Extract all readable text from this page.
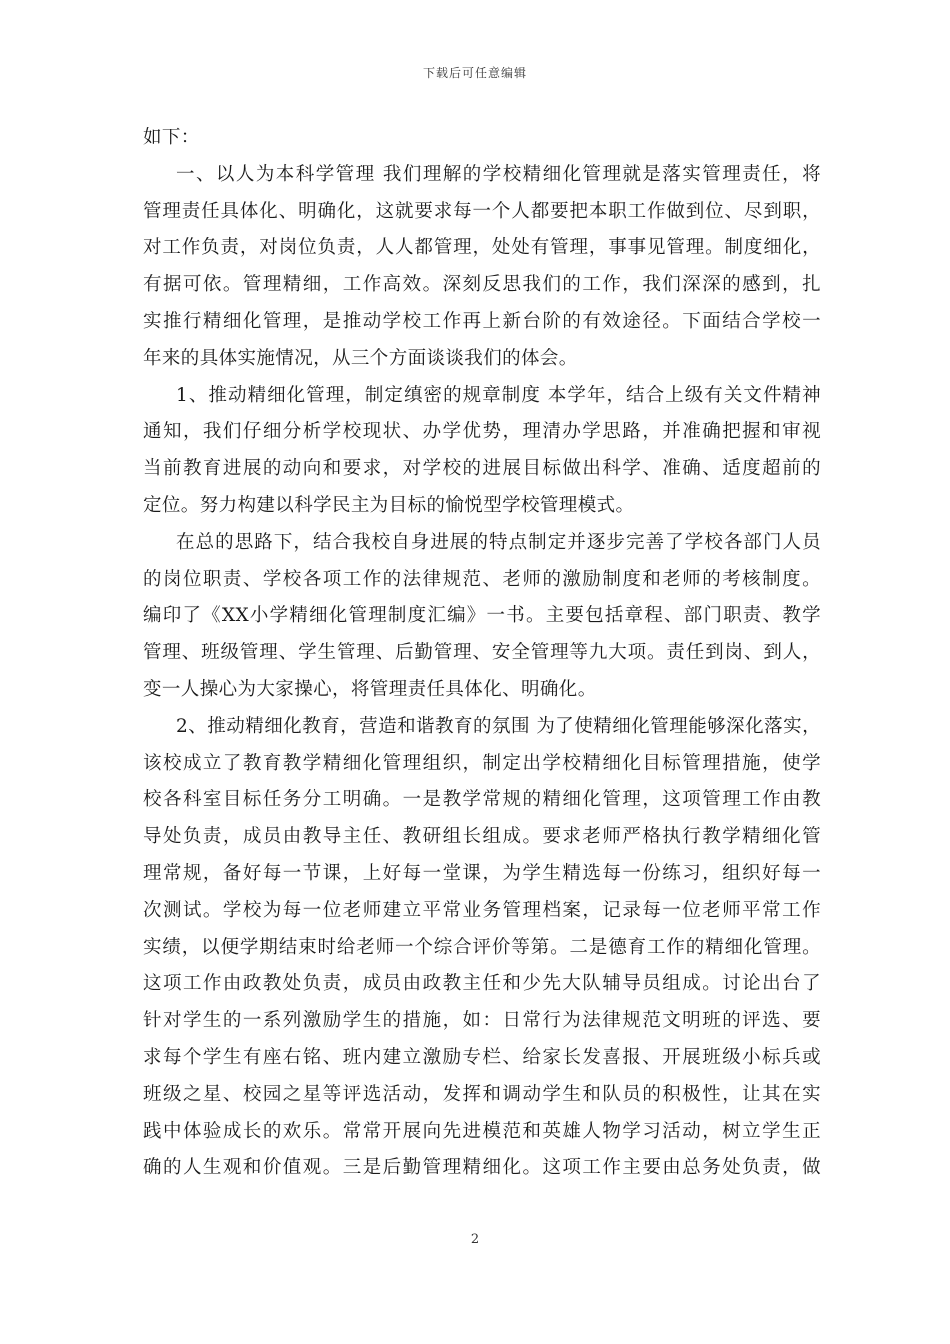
下载后可任意编辑
如下：
一、以人为本科学管理 我们理解的学校精细化管理就是落实管理责任，将
管理责任具体化、明确化，这就要求每一个人都要把本职工作做到位、尽到职，
对工作负责，对岗位负责，人人都管理，处处有管理，事事见管理。制度细化，
有据可依。管理精细，工作高效。深刻反思我们的工作，我们深深的感到，扎
实推行精细化管理，是推动学校工作再上新台阶的有效途径。下面结合学校一
年来的具体实施情况，从三个方面谈谈我们的体会。
1、推动精细化管理，制定缜密的规章制度 本学年，结合上级有关文件精神
通知，我们仔细分析学校现状、办学优势，理清办学思路，并准确把握和审视
当前教育进展的动向和要求，对学校的进展目标做出科学、准确、适度超前的
定位。努力构建以科学民主为目标的愉悦型学校管理模式。
在总的思路下，结合我校自身进展的特点制定并逐步完善了学校各部门人员
的岗位职责、学校各项工作的法律规范、老师的激励制度和老师的考核制度。
编印了《XX小学精细化管理制度汇编》一书。主要包括章程、部门职责、教学
管理、班级管理、学生管理、后勤管理、安全管理等九大项。责任到岗、到人，
变一人操心为大家操心，将管理责任具体化、明确化。
2、推动精细化教育，营造和谐教育的氛围 为了使精细化管理能够深化落实，
该校成立了教育教学精细化管理组织，制定出学校精细化目标管理措施，使学
校各科室目标任务分工明确。一是教学常规的精细化管理，这项管理工作由教
导处负责，成员由教导主任、教研组长组成。要求老师严格执行教学精细化管
理常规，备好每一节课，上好每一堂课，为学生精选每一份练习，组织好每一
次测试。学校为每一位老师建立平常业务管理档案，记录每一位老师平常工作
实绩，以便学期结束时给老师一个综合评价等第。二是德育工作的精细化管理。
这项工作由政教处负责，成员由政教主任和少先大队辅导员组成。讨论出台了
针对学生的一系列激励学生的措施，如：日常行为法律规范文明班的评选、要
求每个学生有座右铭、班内建立激励专栏、给家长发喜报、开展班级小标兵或
班级之星、校园之星等评选活动，发挥和调动学生和队员的积极性，让其在实
践中体验成长的欢乐。常常开展向先进模范和英雄人物学习活动，树立学生正
确的人生观和价值观。三是后勤管理精细化。这项工作主要由总务处负责，做
2
